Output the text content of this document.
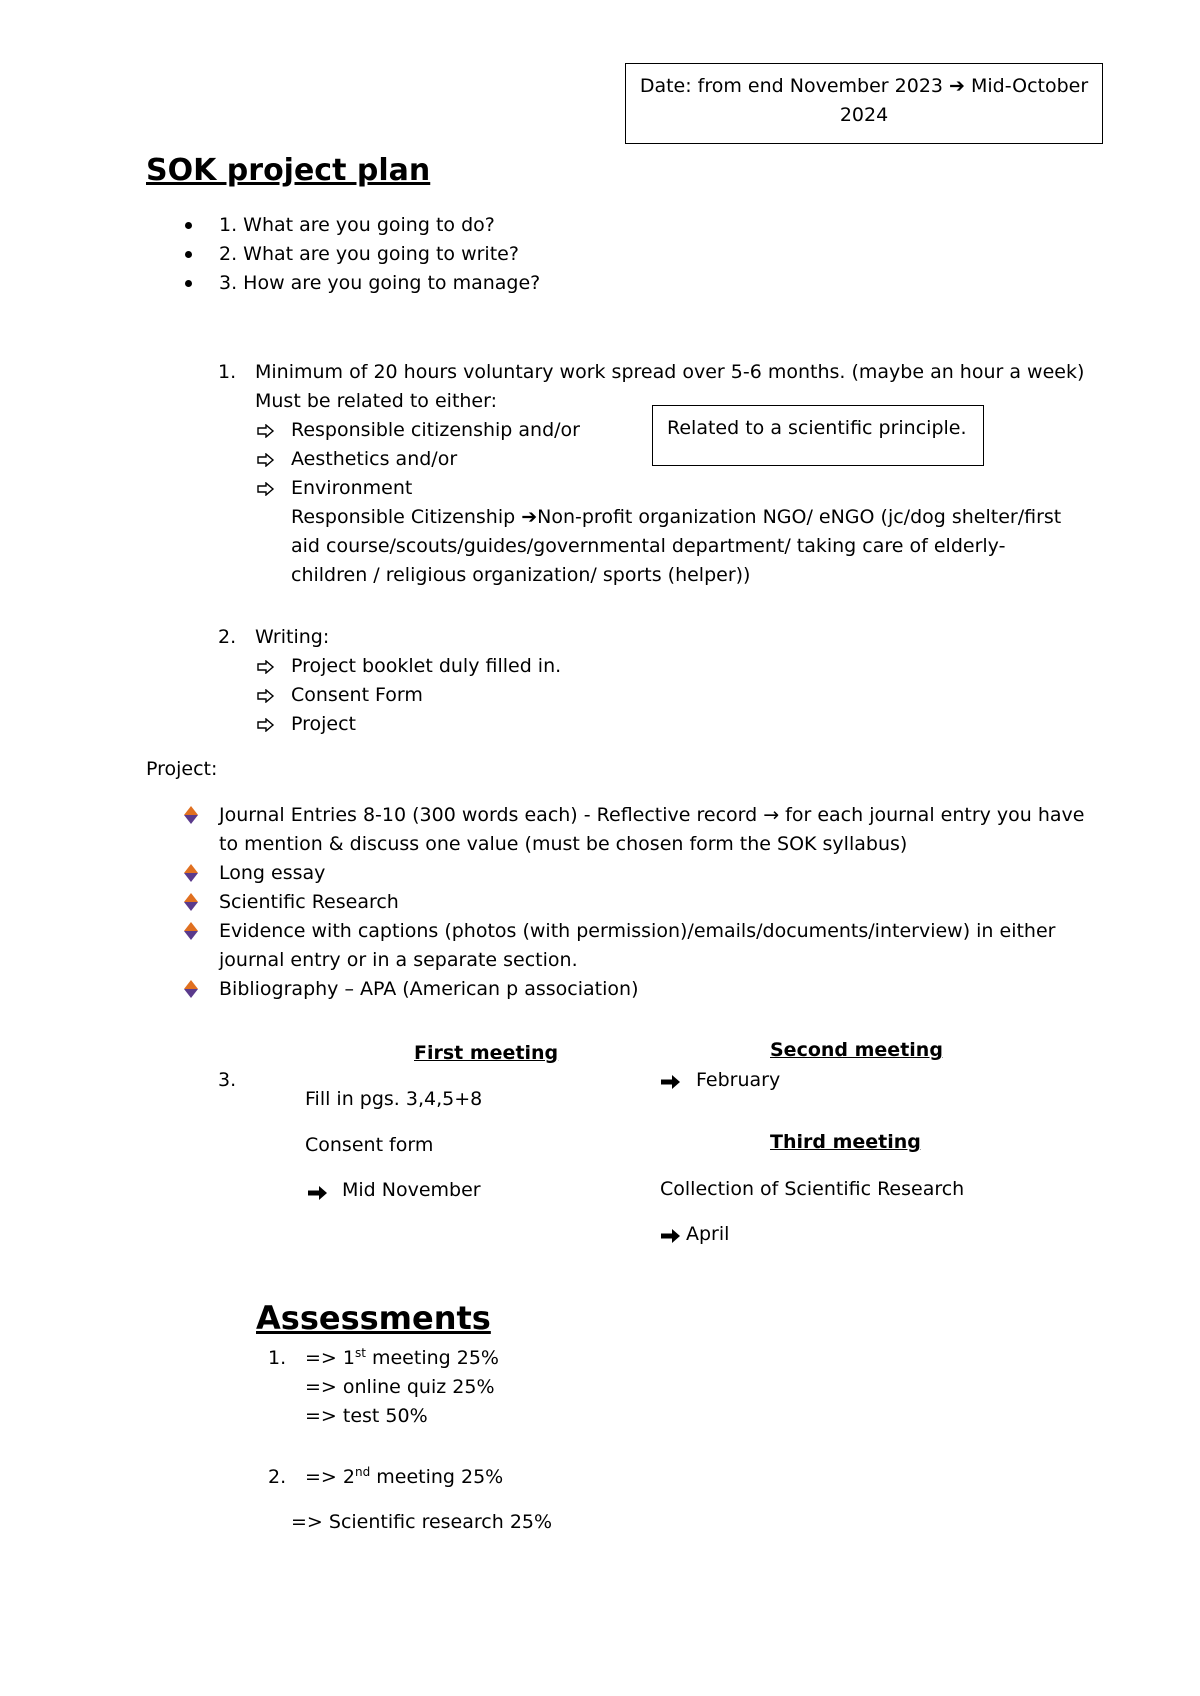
Date: from end November 2023 ➔ Mid-October
2024
SOK project plan
1. What are you going to do?
2. What are you going to write?
3. How are you going to manage?
1. Minimum of 20 hours voluntary work spread over 5-6 months. (maybe an hour a week)
Must be related to either:
Responsible citizenship and/or
Aesthetics and/or
Environment
Responsible Citizenship ➔Non-profit organization NGO/ eNGO (jc/dog shelter/first
aid course/scouts/guides/governmental department/ taking care of elderly-
children / religious organization/ sports (helper))
Related to a scientific principle.
2. Writing:
Project booklet duly filled in.
Consent Form
Project
Project:
Journal Entries 8-10 (300 words each) - Reflective record → for each journal entry you have
to mention & discuss one value (must be chosen form the SOK syllabus)
Long essay
Scientific Research
Evidence with captions (photos (with permission)/emails/documents/interview) in either
journal entry or in a separate section.
Bibliography – APA (American p association)
3.
First meeting
Fill in pgs. 3,4,5+8
Consent form
Mid November
Second meeting
February
Third meeting
Collection of Scientific Research
April
Assessments
1. => 1st meeting 25%
=> online quiz 25%
=> test 50%
2. => 2nd meeting 25%
=> Scientific research 25%
